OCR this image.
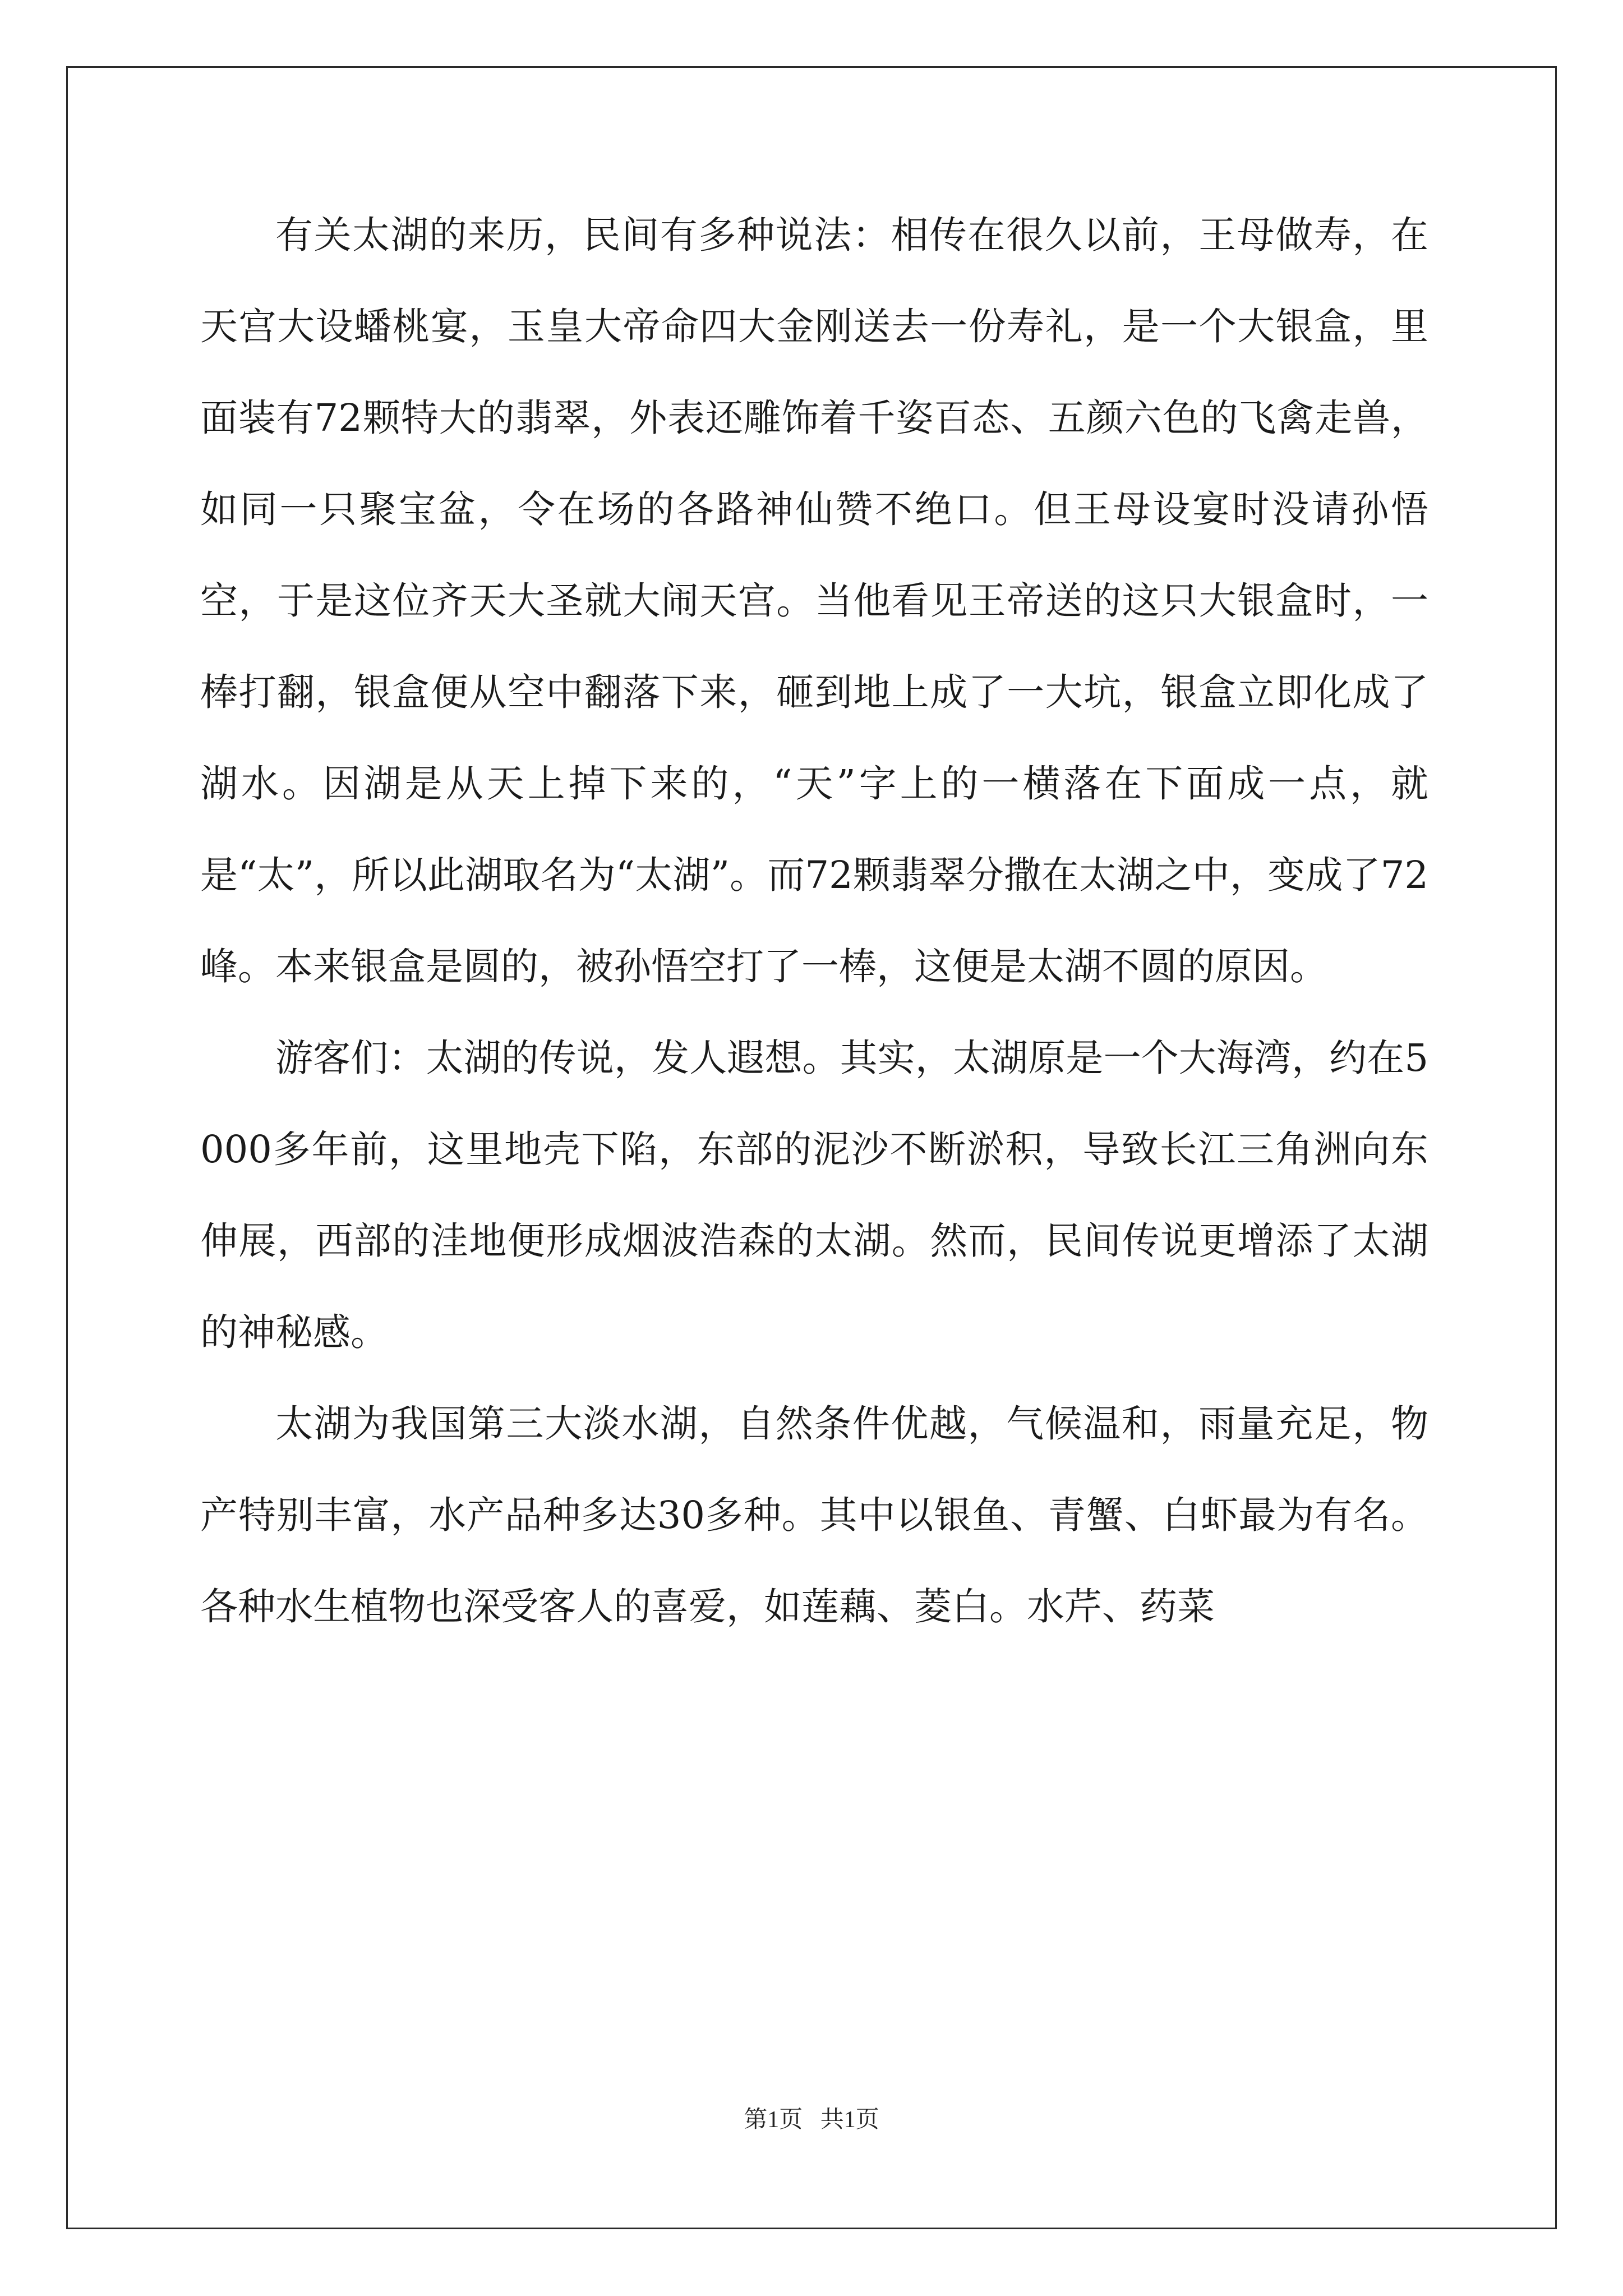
有关太湖的来历，民间有多种说法：相传在很久以前，王母做寿，在天宫大设蟠桃宴，玉皇大帝命四大金刚送去一份寿礼，是一个大银盒，里面装有72颗特大的翡翠，外表还雕饰着千姿百态、五颜六色的飞禽走兽，如同一只聚宝盆，令在场的各路神仙赞不绝口。但王母设宴时没请孙悟空，于是这位齐天大圣就大闹天宫。当他看见王帝送的这只大银盒时，一棒打翻，银盒便从空中翻落下来，砸到地上成了一大坑，银盒立即化成了湖水。因湖是从天上掉下来的，“天”字上的一横落在下面成一点，就是“太”，所以此湖取名为“太湖”。而72颗翡翠分撒在太湖之中，变成了72峰。本来银盒是圆的，被孙悟空打了一棒，这便是太湖不圆的原因。

游客们：太湖的传说，发人遐想。其实，太湖原是一个大海湾，约在5000多年前，这里地壳下陷，东部的泥沙不断淤积，导致长江三角洲向东伸展，西部的洼地便形成烟波浩森的太湖。然而，民间传说更增添了太湖的神秘感。

太湖为我国第三大淡水湖，自然条件优越，气候温和，雨量充足，物产特别丰富，水产品种多达30多种。其中以银鱼、青蟹、白虾最为有名。各种水生植物也深受客人的喜爱，如莲藕、菱白。水芹、药菜

第1页   共1页
